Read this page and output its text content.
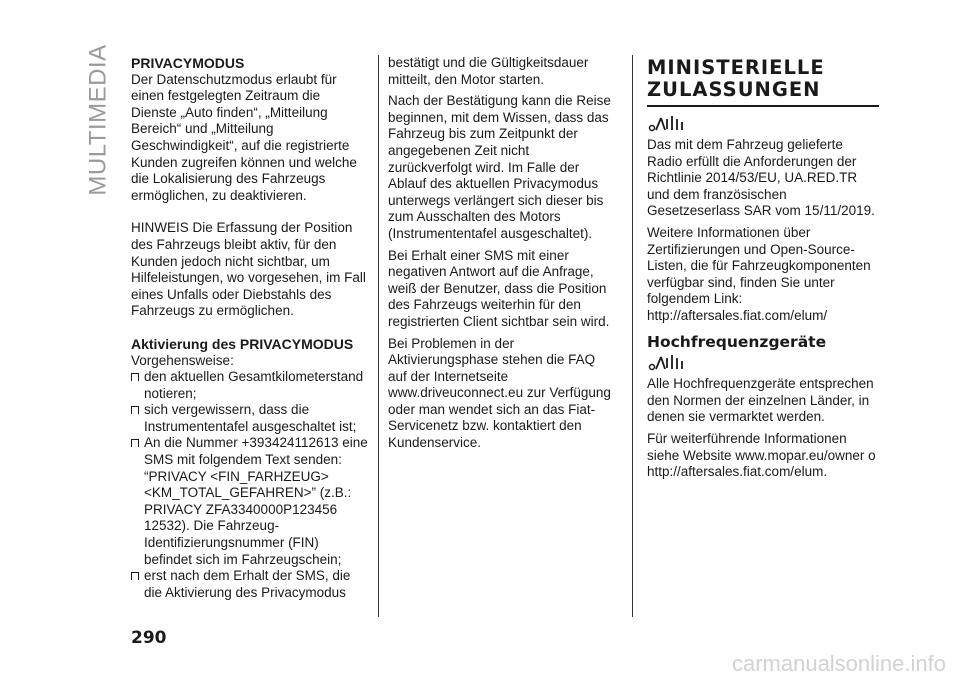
MULTIMEDIA PRIVACYMODUS

Der Datenschutzmodus erlaubt für einen festgelegten Zeitraum die Dienste „Auto finden“, „Mitteilung Bereich“ und „Mitteilung Geschwindigkeit“, auf die registrierte Kunden zugreifen können und welche die Lokalisierung des Fahrzeugs ermöglichen, zu deaktivieren.

HINWEIS Die Erfassung der Position des Fahrzeugs bleibt aktiv, für den Kunden jedoch nicht sichtbar, um Hilfeleistungen, wo vorgesehen, im Fall eines Unfalls oder Diebstahls des Fahrzeugs zu ermöglichen.

Aktivierung des PRIVACYMODUS

Vorgehensweise:

den aktuellen Gesamtkilometerstand notieren;
sich vergewissern, dass die Instrumententafel ausgeschaltet ist;
An die Nummer +393424112613 eine SMS mit folgendem Text senden: “PRIVACY <FIN_FARHZEUG> <KM_TOTAL_GEFAHREN>” (z.B.: PRIVACY ZFA3340000P123456 12532). Die Fahrzeug-Identifizierungsnummer (FIN) befindet sich im Fahrzeugschein;
erst nach dem Erhalt der SMS, die die Aktivierung des Privacymodus

bestätigt und die Gültigkeitsdauer mitteilt, den Motor starten.

Nach der Bestätigung kann die Reise beginnen, mit dem Wissen, dass das Fahrzeug bis zum Zeitpunkt der angegebenen Zeit nicht zurückverfolgt wird. Im Falle der Ablauf des aktuellen Privacymodus unterwegs verlängert sich dieser bis zum Ausschalten des Motors (Instrumententafel ausgeschaltet).

Bei Erhalt einer SMS mit einer negativen Antwort auf die Anfrage, weiß der Benutzer, dass die Position des Fahrzeugs weiterhin für den registrierten Client sichtbar sein wird.

Bei Problemen in der Aktivierungsphase stehen die FAQ auf der Internetseite www.driveuconnect.eu zur Verfügung oder man wendet sich an das Fiat-Servicenetz bzw. kontaktiert den Kundenservice.

MINISTERIELLE
ZULASSUNGEN

Das mit dem Fahrzeug gelieferte Radio erfüllt die Anforderungen der Richtlinie 2014/53/EU, UA.RED.TR und dem französischen Gesetzeserlass SAR vom 15/11/2019.

Weitere Informationen über Zertifizierungen und Open-Source-Listen, die für Fahrzeugkomponenten verfügbar sind, finden Sie unter folgendem Link: http://aftersales.fiat.com/elum/

Hochfrequenzgeräte

Alle Hochfrequenzgeräte entsprechen den Normen der einzelnen Länder, in denen sie vermarktet werden.

Für weiterführende Informationen siehe Website www.mopar.eu/owner o http://aftersales.fiat.com/elum.

290
carmanualsonline.info
